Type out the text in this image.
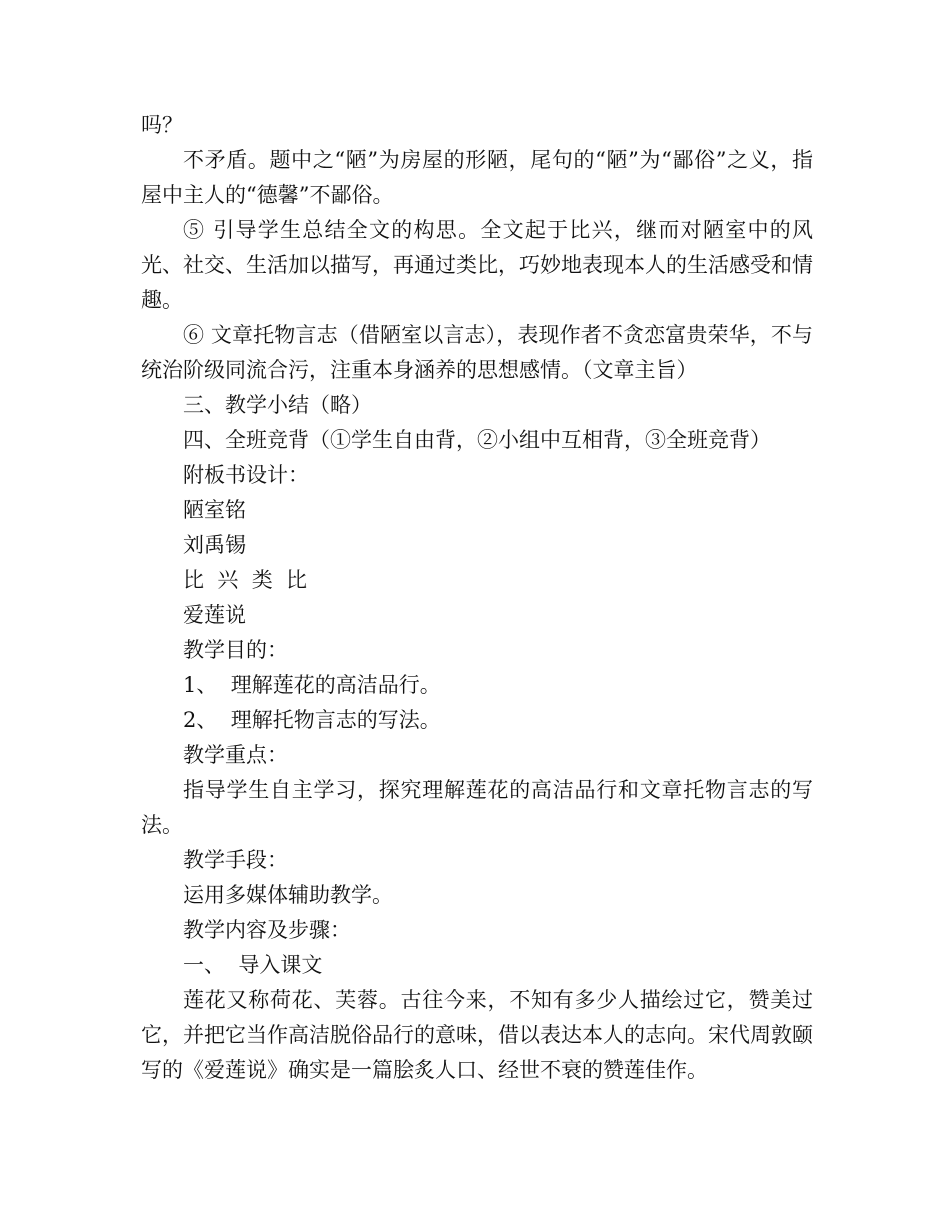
吗？

不矛盾。题中之“陋”为房屋的形陋，尾句的“陋”为“鄙俗”之义，指屋中主人的“德馨”不鄙俗。

⑤ 引导学生总结全文的构思。全文起于比兴，继而对陋室中的风光、社交、生活加以描写，再通过类比，巧妙地表现本人的生活感受和情趣。

⑥ 文章托物言志（借陋室以言志），表现作者不贪恋富贵荣华，不与统治阶级同流合污，注重本身涵养的思想感情。（文章主旨）

三、教学小结（略）

四、全班竞背（①学生自由背，②小组中互相背，③全班竞背）

附板书设计：

陋室铭

刘禹锡

比  兴  类  比

爱莲说

教学目的：

1、  理解莲花的高洁品行。

2、  理解托物言志的写法。

教学重点：

指导学生自主学习，探究理解莲花的高洁品行和文章托物言志的写法。

教学手段：

运用多媒体辅助教学。

教学内容及步骤：

一、  导入课文

莲花又称荷花、芙蓉。古往今来，不知有多少人描绘过它，赞美过它，并把它当作高洁脱俗品行的意味，借以表达本人的志向。宋代周敦颐写的《爱莲说》确实是一篇脍炙人口、经世不衰的赞莲佳作。
